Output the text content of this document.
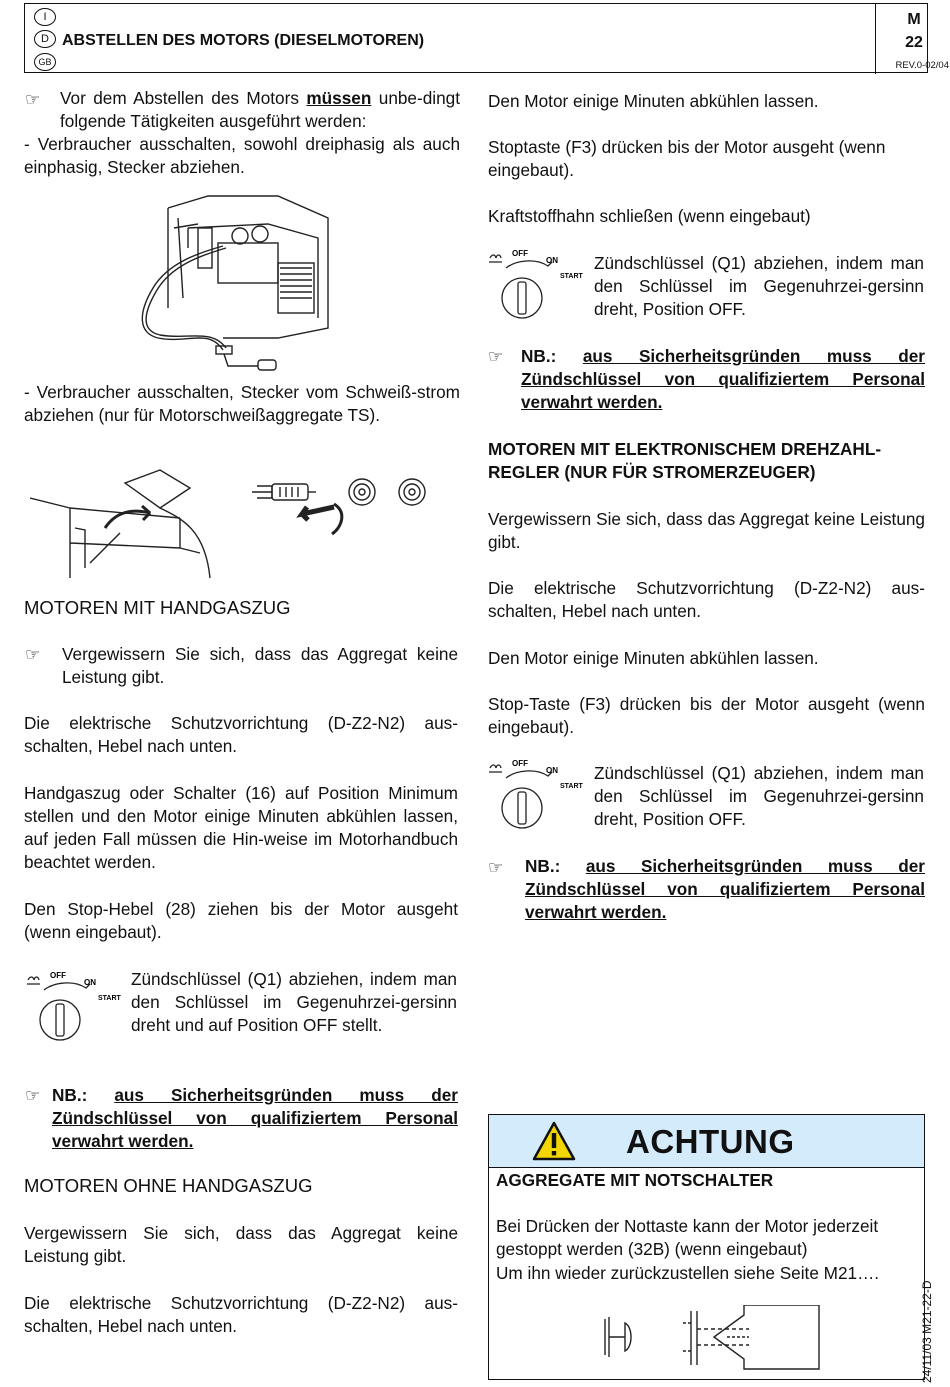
I
D
GB
ABSTELLEN DES MOTORS (DIESELMOTOREN)
M
22
REV.0-02/04
☞	Vor dem Abstellen des Motors müssen unbe-dingt folgende Tätigkeiten ausgeführt werden:
- Verbraucher ausschalten, sowohl dreiphasig als auch einphasig, Stecker abziehen.
- Verbraucher ausschalten, Stecker vom Schweiß-strom abziehen (nur für Motorschweißaggregate TS).
MOTOREN MIT HANDGASZUG
☞ Vergewissern Sie sich, dass das Aggregat keine Leistung gibt.
Die elektrische Schutzvorrichtung (D-Z2-N2) aus-schalten, Hebel nach unten.
Handgaszug oder Schalter (16) auf Position Minimum stellen und den Motor einige Minuten abkühlen lassen, auf jeden Fall müssen die Hin-weise im Motorhandbuch beachtet werden.
Den Stop-Hebel (28) ziehen bis der Motor ausgeht (wenn eingebaut).
OFF
ON
START
Zündschlüssel (Q1) abziehen, indem man den Schlüssel im Gegenuhrzei-gersinn dreht und auf Position OFF stellt.
☞ NB.: aus Sicherheitsgründen muss der Zündschlüssel von qualifiziertem Personal verwahrt werden.
MOTOREN OHNE HANDGASZUG
Vergewissern Sie sich, dass das Aggregat keine Leistung gibt.
Die elektrische Schutzvorrichtung (D-Z2-N2) aus-schalten, Hebel nach unten.
Den Motor einige Minuten abkühlen lassen.
Stoptaste (F3) drücken bis der Motor ausgeht (wenn eingebaut).
Kraftstoffhahn schließen (wenn eingebaut)
OFF
ON
START
Zündschlüssel (Q1) abziehen, indem man den Schlüssel im Gegenuhrzei-gersinn dreht, Position OFF.
☞ NB.: aus Sicherheitsgründen muss der Zündschlüssel von qualifiziertem Personal verwahrt werden.
MOTOREN MIT ELEKTRONISCHEM DREHZAHL-REGLER (NUR FÜR STROMERZEUGER)
Vergewissern Sie sich, dass das Aggregat keine Leistung gibt.
Die elektrische Schutzvorrichtung (D-Z2-N2) aus-schalten, Hebel nach unten.
Den Motor einige Minuten abkühlen lassen.
Stop-Taste (F3) drücken bis der Motor ausgeht (wenn eingebaut).
OFF
ON
START
Zündschlüssel (Q1) abziehen, indem man den Schlüssel im Gegenuhrzei-gersinn dreht, Position OFF.
☞ NB.: aus Sicherheitsgründen muss der Zündschlüssel von qualifiziertem Personal verwahrt werden.
ACHTUNG
AGGREGATE MIT NOTSCHALTER
Bei Drücken der Nottaste kann der Motor jederzeit gestoppt werden (32B) (wenn eingebaut)
Um ihn wieder zurückzustellen siehe Seite M21….
24/11/03 M21-22-D
